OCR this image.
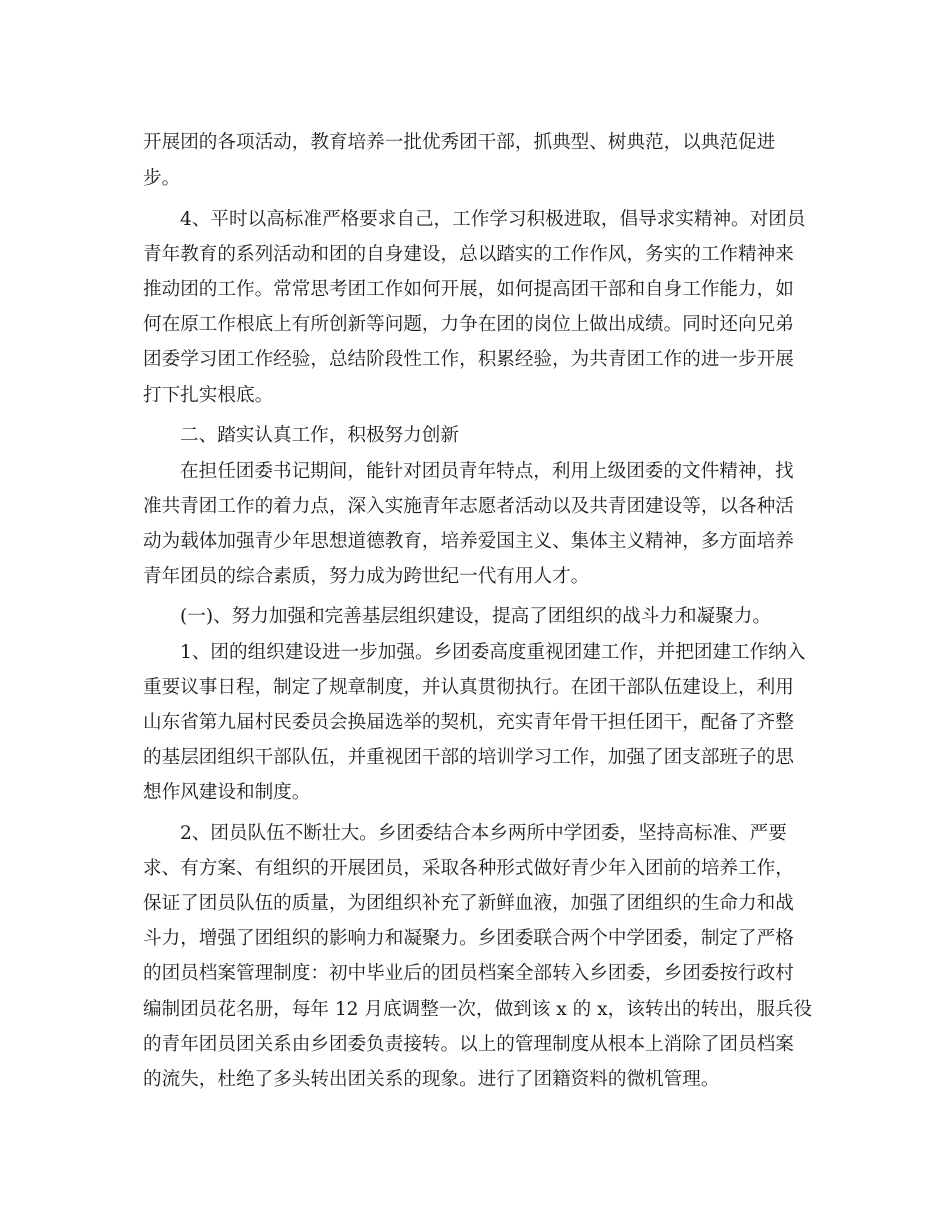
开展团的各项活动，教育培养一批优秀团干部，抓典型、树典范，以典范促进
步。
4、平时以高标准严格要求自己，工作学习积极进取，倡导求实精神。对团员
青年教育的系列活动和团的自身建设，总以踏实的工作作风，务实的工作精神来
推动团的工作。常常思考团工作如何开展，如何提高团干部和自身工作能力，如
何在原工作根底上有所创新等问题，力争在团的岗位上做出成绩。同时还向兄弟
团委学习团工作经验，总结阶段性工作，积累经验，为共青团工作的进一步开展
打下扎实根底。
二、踏实认真工作，积极努力创新
在担任团委书记期间，能针对团员青年特点，利用上级团委的文件精神，找
准共青团工作的着力点，深入实施青年志愿者活动以及共青团建设等，以各种活
动为载体加强青少年思想道德教育，培养爱国主义、集体主义精神，多方面培养
青年团员的综合素质，努力成为跨世纪一代有用人才。
(一)、努力加强和完善基层组织建设，提高了团组织的战斗力和凝聚力。
1、团的组织建设进一步加强。乡团委高度重视团建工作，并把团建工作纳入
重要议事日程，制定了规章制度，并认真贯彻执行。在团干部队伍建设上，利用
山东省第九届村民委员会换届选举的契机，充实青年骨干担任团干，配备了齐整
的基层团组织干部队伍，并重视团干部的培训学习工作，加强了团支部班子的思
想作风建设和制度。
2、团员队伍不断壮大。乡团委结合本乡两所中学团委，坚持高标准、严要
求、有方案、有组织的开展团员，采取各种形式做好青少年入团前的培养工作，
保证了团员队伍的质量，为团组织补充了新鲜血液，加强了团组织的生命力和战
斗力，增强了团组织的影响力和凝聚力。乡团委联合两个中学团委，制定了严格
的团员档案管理制度：初中毕业后的团员档案全部转入乡团委，乡团委按行政村
编制团员花名册，每年 12 月底调整一次，做到该 x 的 x，该转出的转出，服兵役
的青年团员团关系由乡团委负责接转。以上的管理制度从根本上消除了团员档案
的流失，杜绝了多头转出团关系的现象。进行了团籍资料的微机管理。
